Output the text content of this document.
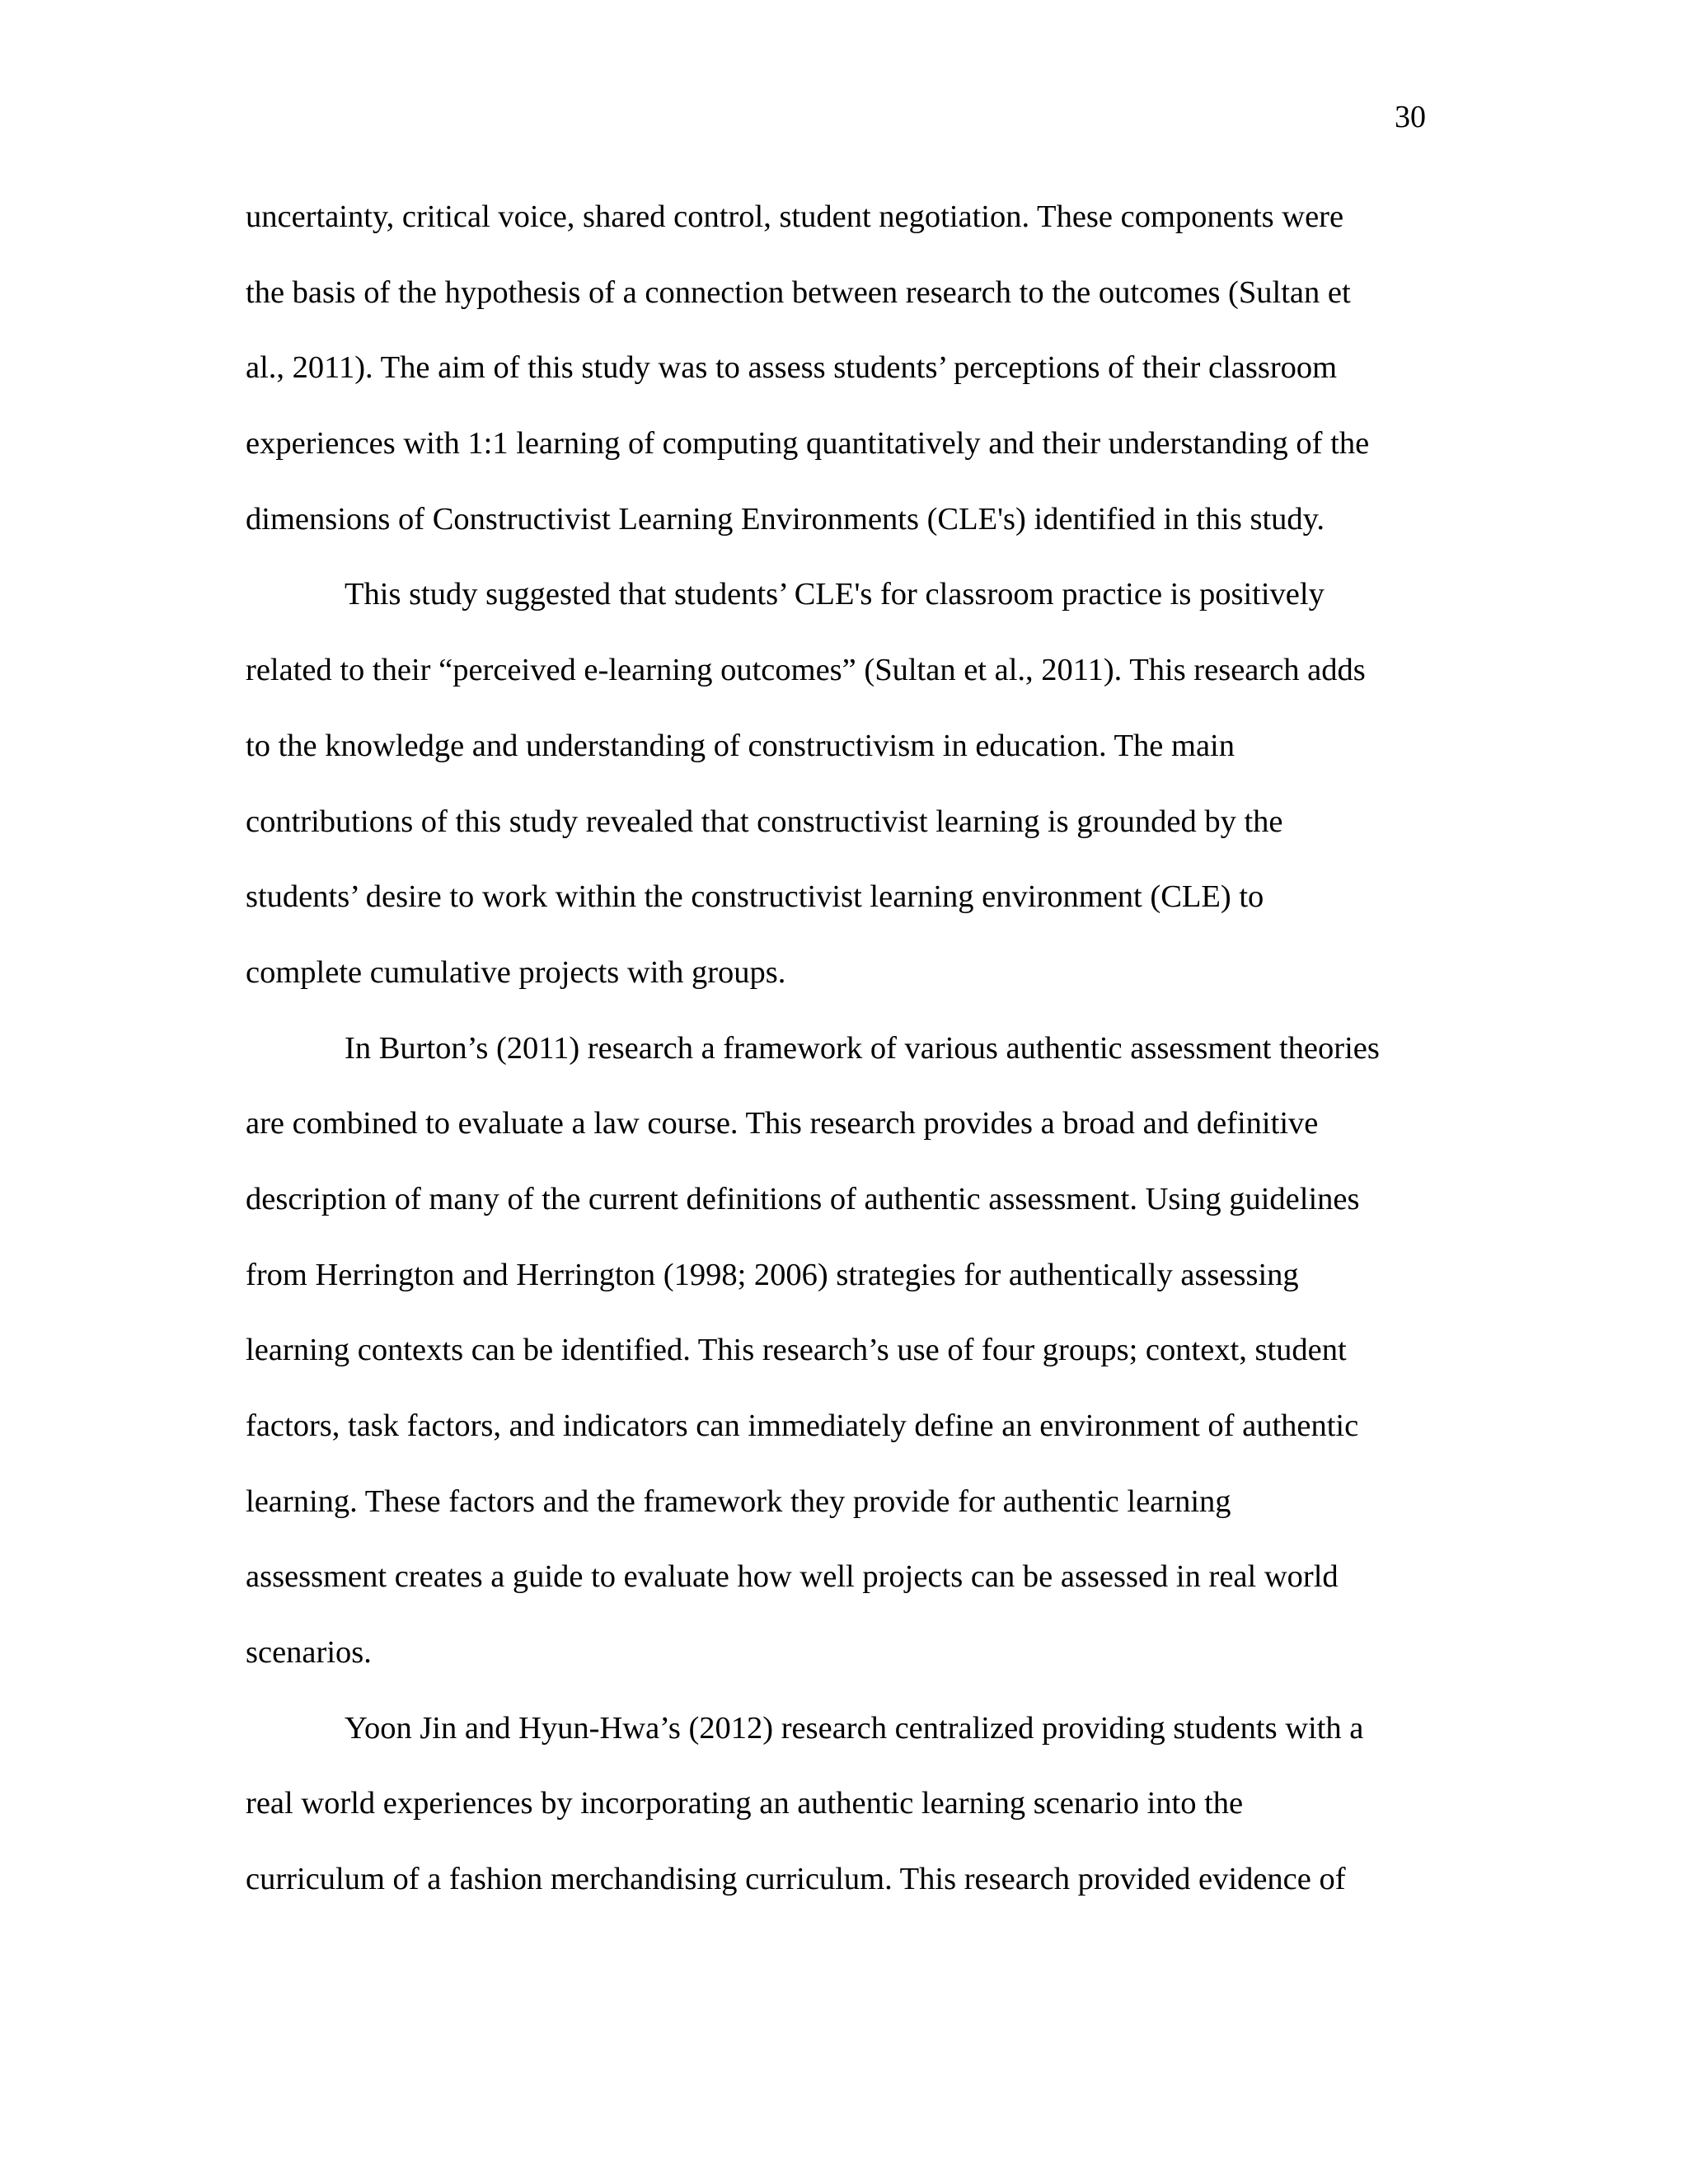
30
uncertainty, critical voice, shared control, student negotiation. These components were
the basis of the hypothesis of a connection between research to the outcomes (Sultan et
al., 2011). The aim of this study was to assess students’ perceptions of their classroom
experiences with 1:1 learning of computing quantitatively and their understanding of the
dimensions of Constructivist Learning Environments (CLE's) identified in this study.
This study suggested that students’ CLE's for classroom practice is positively
related to their “perceived e-learning outcomes” (Sultan et al., 2011). This research adds
to the knowledge and understanding of constructivism in education. The main
contributions of this study revealed that constructivist learning is grounded by the
students’ desire to work within the constructivist learning environment (CLE) to
complete cumulative projects with groups.
In Burton’s (2011) research a framework of various authentic assessment theories
are combined to evaluate a law course. This research provides a broad and definitive
description of many of the current definitions of authentic assessment. Using guidelines
from Herrington and Herrington (1998; 2006) strategies for authentically assessing
learning contexts can be identified. This research’s use of four groups; context, student
factors, task factors, and indicators can immediately define an environment of authentic
learning. These factors and the framework they provide for authentic learning
assessment creates a guide to evaluate how well projects can be assessed in real world
scenarios.
Yoon Jin and Hyun-Hwa’s (2012) research centralized providing students with a
real world experiences by incorporating an authentic learning scenario into the
curriculum of a fashion merchandising curriculum. This research provided evidence of
